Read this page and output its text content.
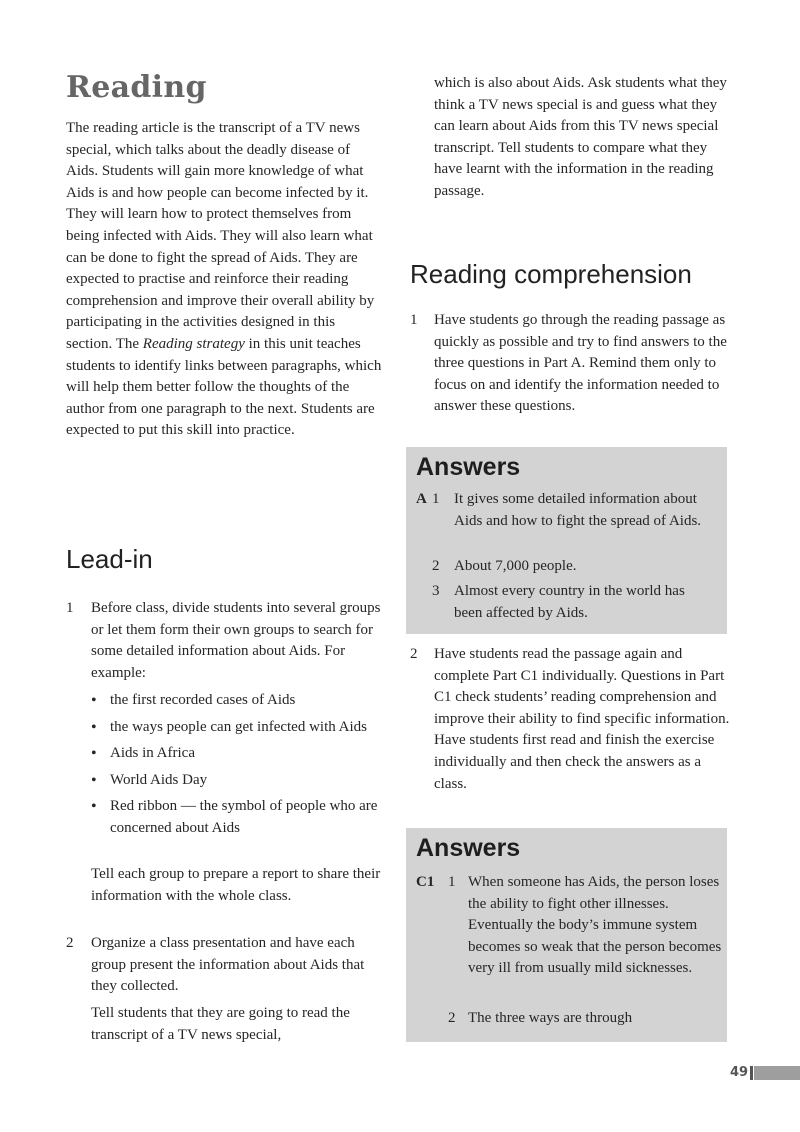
Reading

The reading article is the transcript of a TV news special, which talks about the deadly disease of Aids. Students will gain more knowledge of what Aids is and how people can become infected by it. They will learn how to protect themselves from being infected with Aids. They will also learn what can be done to fight the spread of Aids. They are expected to practise and reinforce their reading comprehension and improve their overall ability by participating in the activities designed in this section. The Reading strategy in this unit teaches students to identify links between paragraphs, which will help them better follow the thoughts of the author from one paragraph to the next. Students are expected to put this skill into practice.

Lead-in
1 Before class, divide students into several groups or let them form their own groups to search for some detailed information about Aids. For example:

• the first recorded cases of Aids
• the ways people can get infected with Aids
• Aids in Africa
• World Aids Day
• Red ribbon — the symbol of people who are concerned about Aids

Tell each group to prepare a report to share their information with the whole class.

2 Organize a class presentation and have each group present the information about Aids that they collected.

Tell students that they are going to read the transcript of a TV news special,

which is also about Aids. Ask students what they think a TV news special is and guess what they can learn about Aids from this TV news special transcript. Tell students to compare what they have learnt with the information in the reading passage.

Reading comprehension
1 Have students go through the reading passage as quickly as possible and try to find answers to the three questions in Part A. Remind them only to focus on and identify the information needed to answer these questions.

Answers
A 1 It gives some detailed information about Aids and how to fight the spread of Aids.

2 About 7,000 people.

3 Almost every country in the world has been affected by Aids.

2 Have students read the passage again and complete Part C1 individually. Questions in Part C1 check students’ reading comprehension and improve their ability to find specific information. Have students first read and finish the exercise individually and then check the answers as a class.

Answers
C1 1 When someone has Aids, the person loses the ability to fight other illnesses. Eventually the body’s immune system becomes so weak that the person becomes very ill from usually mild sicknesses.

2 The three ways are through

49
